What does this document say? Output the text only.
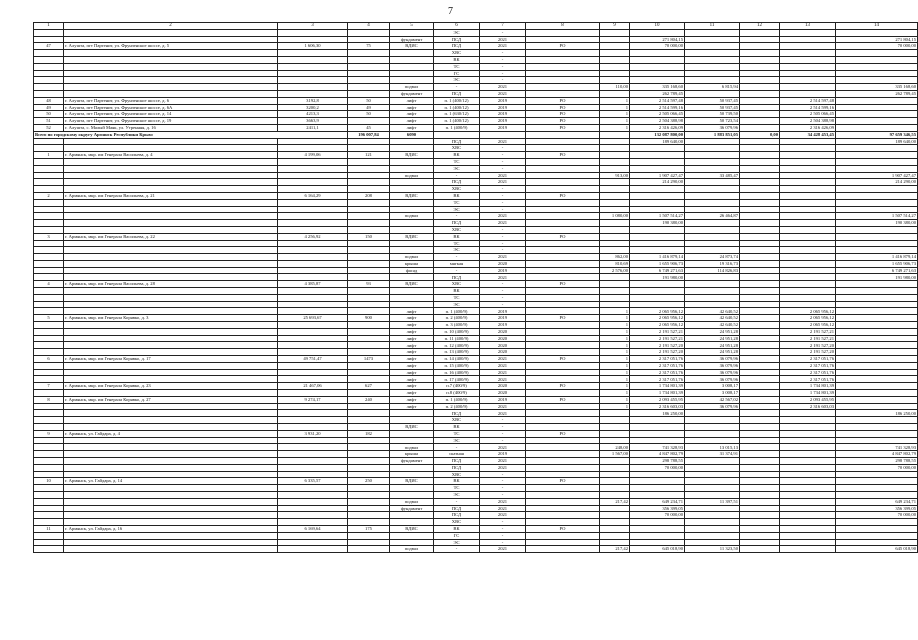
7
1	2	3	4	5	6	7	8	9	10	11	12	13	14
					ЭС	-							
				фундамент	ПСД	2021			271 804,15				271 804,15
47	г. Алушта, пгт Партенит, ул. Фрунзенское шоссе, д. 5	1 606,30	75	ВДИС	ПСД	2021	РО		70 000,00				70 000,00
					ХВС	-							
					ВК	-							
					ТС	-							
					ГС	-							
					ЭС	-							
				подвал	-	2021		110,00	335 168,60	6 815,94			335 168,60
				фундамент	ПСД	2021			262 789,45				262 789,45
48	г. Алушта, пгт Партенит, ул. Фрунзенское шоссе, д. 6	3192,8	50	лифт	п. 1 (400/12)	2019	РО	1	2 514 597,48	50 937,45		2 514 597,48	
49	г. Алушта, пгт Партенит, ул. Фрунзенское шоссе, д. 6А	3200,2	49	лифт	п. 1 (400/12)	2019	РО	1	2 514 599,16	50 937,45		2 514 599,16	
50	г. Алушта, пгт Партенит, ул. Фрунзенское шоссе, д. 14	4213,3	50	лифт	п. 1 (630/12)	2019	РО	1	2 505 066,45	50 739,50		2 505 066,45	
51	г. Алушта, пгт Партенит, ул. Фрунзенское шоссе, д. 19	3663,9		лифт	п. 1 (400/12)	2019	РО	1	2 504 388,98	50 723,54		2 504 388,98	
52	г. Алушта, с. Малый Маяк, ул. Утренняя, д. 16	2411,1	45	лифт	п. 1 (400/9)	2019	РО	1	2 316 426,09	36 079,96		2 316 426,09	
Всего по городскому округу Армянск Республики Крым:			196 007,84	6090					132 087 800,00	1 883 851,05	0,00	34 428 453,45	97 659 346,55
					ПСД	2021			189 640,00				189 640,00
					ХВС	-							
1	г. Армянск, мкр. им Генерала Васильева, д. 4	4 199,06	121	ВДИС	ВК	-	РО						
					ТС	-							
					ЭС	-							
				подвал	-	2021		913,00	1 907 427,47	33 485,47			1 907 427,47
					ПСД	2021			214 290,00				214 290,00
					ХВС	-							
2	г. Армянск, мкр. им Генерала Васильева, д. 21	6 164,29	208	ВДИС	ВК	-	РО						
					ТС	-							
					ЭС	-							
				подвал	-	2021		1 080,00	1 507 514,27	26 464,87			1 507 514,27
					ПСД	2021			190 380,00				190 380,00
					ХВС	-							
3	г. Армянск, мкр. им Генерала Васильева, д. 22	4 256,92	150	ВДИС	ВК	-	РО						
					ТС	-							
					ЭС	-							
				подвал	-	2021		862,00	1 416 879,14	24 873,74			1 416 879,14
				крыша	мягкая	2020		810,69	1 655 906,73	19 316,73			1 655 906,73
				фасад	-	2019		2 576,00	6 749 271,63	114 826,83			6 749 271,63
					ПСД	2021			191 980,00				191 980,00
4	г. Армянск, мкр. им Генерала Васильева, д. 28	4 385,87	93	ВДИС	ХВС	-	РО						
					ВК	-							
					ТС	-							
					ЭС	-							
				лифт	п. 1 (400/9)	2019		1	2 065 956,12	42 640,52		2 065 956,12	
5	г. Армянск, мкр. им Генерала Корявко, д. 3	25 693,67	900	лифт	п. 2 (400/9)	2019	РО	1	2 065 956,12	42 640,52		2 065 956,12	
				лифт	п. 3 (400/9)	2019		1	2 065 956,12	42 640,52		2 065 956,12	
				лифт	п. 10 (400/9)	2020		1	2 191 527,21	24 951,28		2 191 527,21	
				лифт	п. 11 (400/9)	2020		1	2 191 527,21	24 951,28		2 191 527,21	
				лифт	п. 12 (400/9)	2020		1	2 191 527,20	24 951,28		2 191 527,20	
				лифт	п. 13 (400/9)	2020		1	2 191 527,20	24 951,28		2 191 527,20	
6	г. Армянск, мкр. им Генерала Корявко, д. 17	49 751,47	1473	лифт	п. 14 (400/9)	2021	РО	1	2 317 051,76	36 079,96		2 317 051,76	
				лифт	п. 15 (400/9)	2021		1	2 317 051,76	36 079,96		2 317 051,76	
				лифт	п. 16 (400/9)	2021		1	2 317 051,76	36 079,96		2 317 051,76	
				лифт	п. 17 (400/9)	2021		1	2 317 051,76	36 079,96		2 317 051,76	
7	г. Армянск, мкр. им Генерала Корявко, д. 23	21 467,06	627	лифт	п.7 (400/9)	2020	РО	1	1 734 801,39	3 008,17		1 734 801,39	
				лифт	п.8 (400/9)	2020		1	1 734 801,39	3 008,17		1 734 801,39	
8	г. Армянск, мкр. им Генерала Корявко, д. 27	9 274,17	240	лифт	п. 1 (400/9)	2019	РО	1	2 093 455,95	42 567,02		2 093 455,95	
				лифт	п. 2 (400/9)	2021		1	2 316 603,03	36 079,96		2 316 603,03	
					ПСД	2021			186 250,00				186 250,00
					ХВС	-							
				ВДИС	ВК	-							
9	г. Армянск, ул. Гайдара, д. 4	3 931,20	182		ТС	-	РО						
					ЭС	-							
				подвал	-	2021		248,00	741 328,93	13 015,13			741 328,93
				крыша	скатная	2019		1 567,00	4 847 802,79	31 374,91			4 847 802,79
				фундамент	ПСД	2021			298 788,55				298 788,55
					ПСД	2021			70 000,00				70 000,00
					ХВС	-							
10	г. Армянск, ул. Гайдара, д. 14	6 335,57	250	ВДИС	ВК	-	РО						
					ТС	-							
					ЭС	-							
				подвал	-	2021		217,42	649 234,71	11 397,51			649 234,71
				фундамент	ПСД	2021			356 399,05				356 399,05
					ПСД	2021			70 000,00				70 000,00
					ХВС	-							
11	г. Армянск, ул. Гайдара, д. 16	6 169,64	175	ВДИС	ВК	-	РО						
					ГС	-							
					ЭС	-							
				подвал	-	2021		217,42	645 018,90	11 323,50			645 018,90
